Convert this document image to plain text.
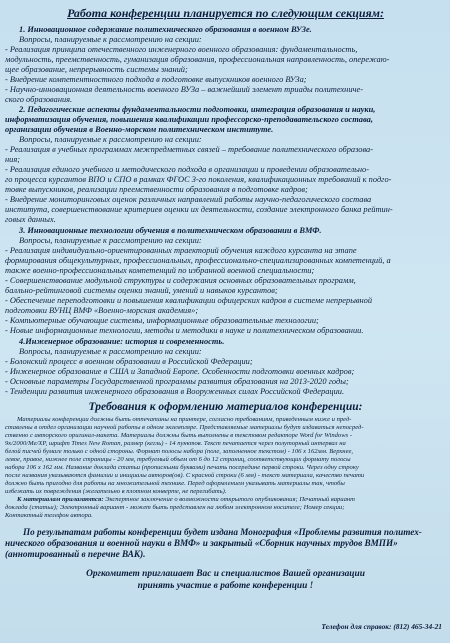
Работа конференции планируется по следующим секциям:

1. Инновационное содержание политехнического образования в военном ВУЗе.

Вопросы, планируемые к рассмотрению на секции:

- Реализация принципа отечественного инженерного военного образования: фундаментальность,

модульность, преемственность, гуманизация образования, профессиональная направленность, опережаю-

щее образование, непрерывность системы знаний;

- Внедрение компетентностного подхода в подготовке выпускников военного ВУЗа;

- Научно-инновационная деятельность военного ВУЗа – важнейший элемент триады политехниче-

ского образования.

2. Педагогические аспекты фундаментальности подготовки, интеграция образования и науки,

информатизация обучения, повышения квалификации профессорско-преподавательского состава,

организации обучения в Военно-морском политехническом институте.

Вопросы, планируемые к рассмотрению на секции:

- Реализация в учебных программах межпредметных связей – требование политехнического образова-

ния;

- Реализация единого учебного и методического подхода в организации и проведении образовательно-

го процесса курсантов ВПО и СПО в рамках ФГОС 3-го поколения, квалификационных требований к подго-

товке выпускников, реализации преемственности образования в подготовке кадров;

- Внедрение мониторинговых оценок различных направлений работы научно-педагогического состава

института, совершенствование критериев оценки их деятельности, создание электронного банка рейтин-

говых данных.

3. Инновационные технологии обучения в политехническом образовании в ВМФ.

Вопросы, планируемые к рассмотрению на секции:

- Реализация индивидуально-ориентированных траекторий обучения каждого курсанта на этапе

формирования общекультурных, профессиональных, профессионально-специализированных компетенций, а

также военно-профессиональных компетенций по избранной военной специальности;

- Совершенствование модульной структуры и содержания основных образовательных программ,

балльно-рейтинговой системы оценки знаний, умений и навыков курсантов;

- Обеспечение переподготовки и повышения квалификации офицерских кадров в системе непрерывной

подготовки ВУНЦ ВМФ «Военно-морская академия»;

- Компьютерные обучающие системы, информационные образовательные технологии;

- Новые информационные технологии, методы и методики в науке и политехническом образовании.

4.Инженерное образование: история и современность.

Вопросы, планируемые к рассмотрению на секции:

- Болонский процесс в военном образовании в Российской Федерации;

- Инженерное образование в США и Западной Европе. Особенности подготовки военных кадров;

- Основные параметры Государственной программы развития образования на 2013-2020 годы;

- Тенденции развития инженерного образования в Вооруженных силах Российской Федерации.

Требования к оформлению материалов конференции:

Материалы конференции должны быть отпечатаны на принтере, согласно требованиям, приведенным ниже и пред-

ставлены в отдел организации научной работы в одном экземпляре. Представляемые материалы будут издаваться непосред-

ственно с авторского оригинал-макета. Материалы должны быть выполнены в текстовом редакторе Word for Windows -

9x/2000/Me/XP, шрифт Times New Roman, размер (кегль) - 14 пунктов. Текст печатается через полуторный интервал на

белой писчей бумаге только с одной стороны. Формат полосы набора (поле, заполненное текстом) - 106 х 162мм. Верхнее,

левое, правое, нижнее поле страницы - 20 мм, требуемый объем от 6 до 12 страниц, соответствующих формату полосы

набора 106 х 162 мм. Название доклада статьи (прописными буквами) печать посередине первой строки. Через одну строку

после названия указываются фамилии и инициалы авторов(ов). С красной строки (6 мм) - текст материала, качество печати

должно быть пригодно для работы на множительной технике. Перед оформлением указывать материалы так, чтобы

избежать их повреждения (желательно в плотном конверте, не перегибать).

К материалам прилагаются: Экспертное заключение о возможности открытого опубликования; Печатный вариант

доклада (статьи); Электронный вариант - может быть представлен на любом электронном носителе; Номер секции;

Контактный телефон автора.

По результатам работы конференции будет издана Монография «Проблемы развития политех-

нического образования и военной науки в ВМФ» и закрытый «Сборник научных трудов ВМПИ»

(аннотированный в перечне ВАК).

Оргкомитет приглашает Вас и специалистов Вашей организации

принять участие в работе конференции !

Телефон для справок: (812) 465-34-21
